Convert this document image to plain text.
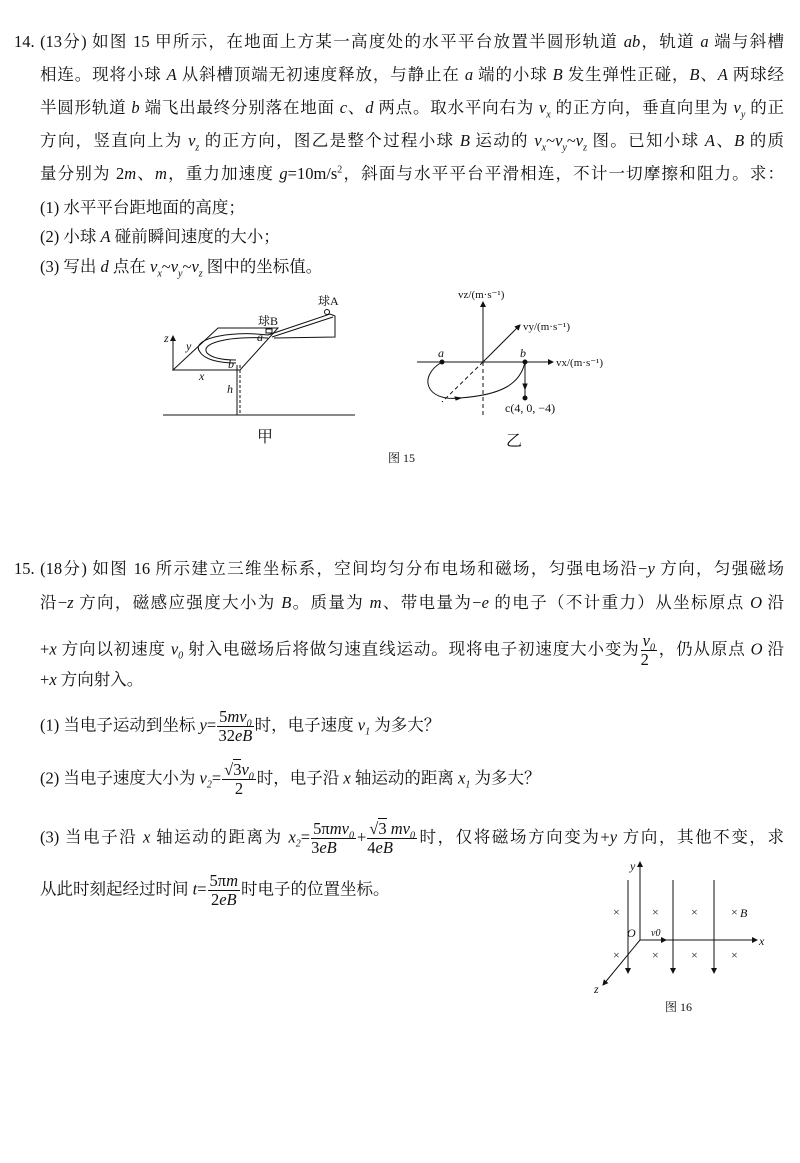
14. (13分) 如图 15 甲所示，在地面上方某一高度处的水平平台放置半圆形轨道 ab，轨道 a 端与斜槽
相连。现将小球 A 从斜槽顶端无初速度释放，与静止在 a 端的小球 B 发生弹性正碰，B、A 两球经
半圆形轨道 b 端飞出最终分别落在地面 c、d 两点。取水平向右为 $v_x$ 的正方向，垂直向里为 $v_y$ 的正
方向，竖直向上为 $v_z$ 的正方向，图乙是整个过程小球 B 运动的 $v_x\sim v_y\sim v_z$ 图。已知小球 A、B 的质
量分别为 2m、m，重力加速度 $g=10m/s^2$，斜面与水平平台平滑相连，不计一切摩擦和阻力。求：
(1) 水平平台距地面的高度；
(2) 小球 A 碰前瞬间速度的大小；
(3) 写出 d 点在 $v_x\sim v_y\sim v_z$ 图中的坐标值。
15. (18分) 如图 16 所示建立三维坐标系，空间均匀分布电场和磁场，匀强电场沿−y 方向，匀强磁场
沿−z 方向，磁感应强度大小为 B。质量为 m、带电量为−e 的电子（不计重力）从坐标原点 O 沿
+x 方向以初速度 $v_0$ 射入电磁场后将做匀速直线运动。现将电子初速度大小变为 $\frac{v_0}{2}$ ，仍从原点 O 沿
+x 方向射入。
(1) 当电子运动到坐标 $y= \frac{5mv_0}{32eB}$ 时，电子速度 $v_1$ 为多大？
(2) 当电子速度大小为 $v_2= \frac{√3v_0}{2}$ 时，电子沿 x 轴运动的距离 $x_1$ 为多大？
(3) 当电子沿 x 轴运动的距离为 $x_2= \frac{5\pi mv_0}{3eB} + \frac{√3 mv_0}{4eB}$ 时，仅将磁场方向变为+y 方向，其他不变，求
从此时刻起经过时间 $t= \frac{5\pi m}{2eB}$ 时电子的位置坐标。
z
y
x
a
b
h
球A
球B
甲
vz/(m·s⁻¹)
vy/(m·s⁻¹)
vx/(m·s⁻¹)
a	b
c(4, 0, −4)
乙
图 15
×	×	×	× B
×	×	×	×
y
x
z
O v0
图 16
